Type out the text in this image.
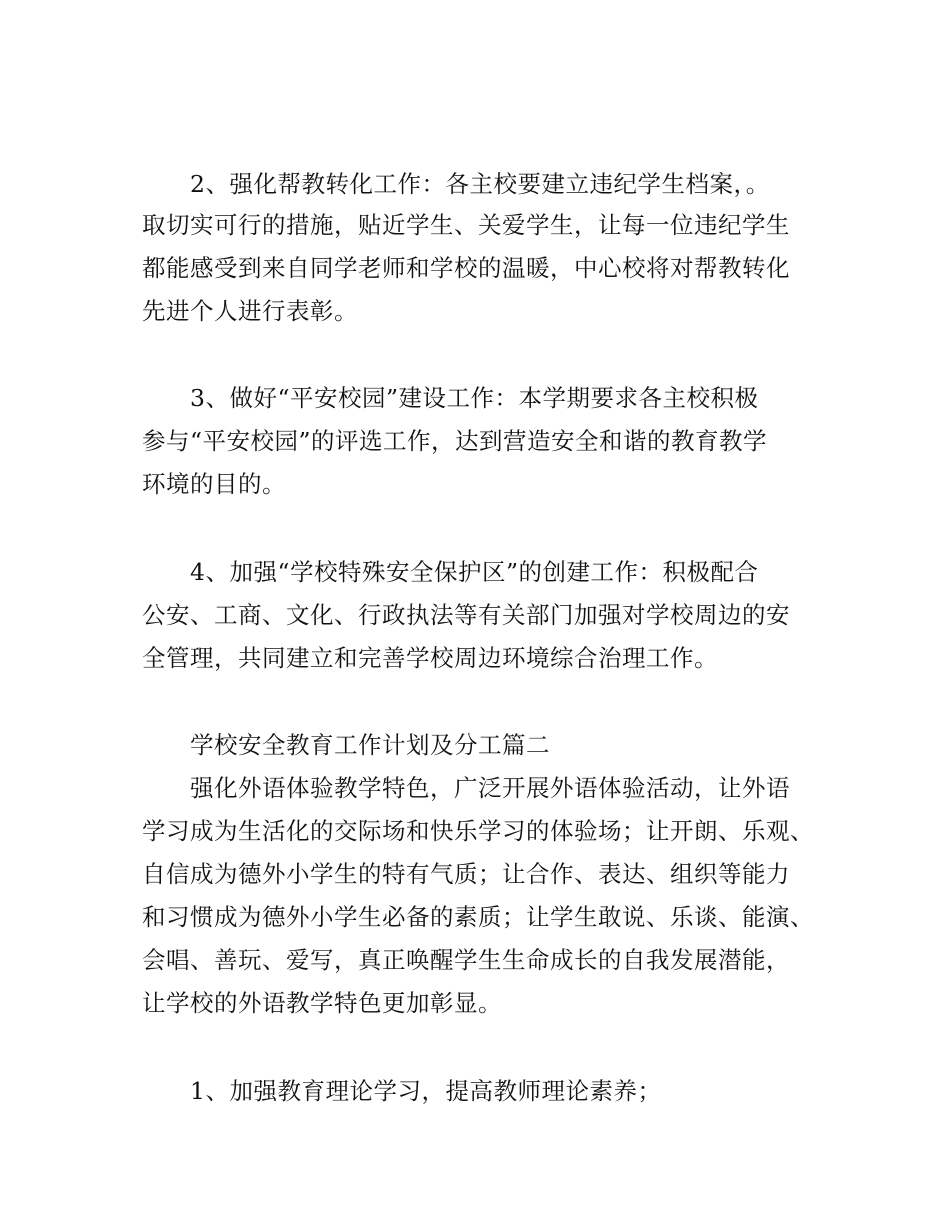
2、强化帮教转化工作：各主校要建立违纪学生档案，。
取切实可行的措施，贴近学生、关爱学生，让每一位违纪学生
都能感受到来自同学老师和学校的温暖，中心校将对帮教转化
先进个人进行表彰。
3、做好“平安校园”建设工作：本学期要求各主校积极
参与“平安校园”的评选工作，达到营造安全和谐的教育教学
环境的目的。
4、加强“学校特殊安全保护区”的创建工作：积极配合
公安、工商、文化、行政执法等有关部门加强对学校周边的安
全管理，共同建立和完善学校周边环境综合治理工作。
学校安全教育工作计划及分工篇二
强化外语体验教学特色，广泛开展外语体验活动，让外语
学习成为生活化的交际场和快乐学习的体验场；让开朗、乐观、
自信成为德外小学生的特有气质；让合作、表达、组织等能力
和习惯成为德外小学生必备的素质；让学生敢说、乐谈、能演、
会唱、善玩、爱写，真正唤醒学生生命成长的自我发展潜能，
让学校的外语教学特色更加彰显。
1、加强教育理论学习，提高教师理论素养；
